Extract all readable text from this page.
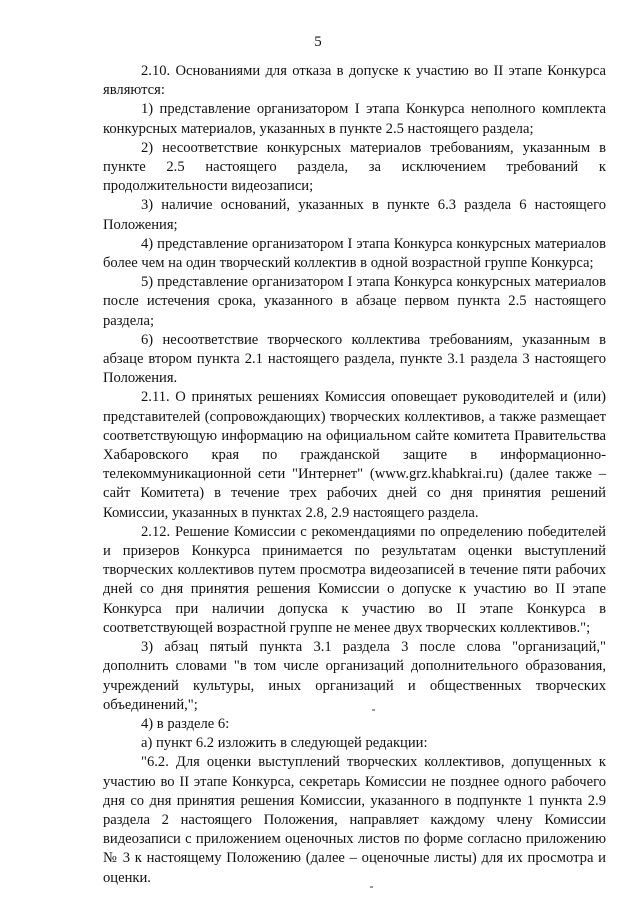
5

2.10. Основаниями для отказа в допуске к участию во II этапе Конкурса являются:

1) представление организатором I этапа Конкурса неполного комплекта конкурсных материалов, указанных в пункте 2.5 настоящего раздела;

2) несоответствие конкурсных материалов требованиям, указанным в пункте 2.5 настоящего раздела, за исключением требований к продолжительности видеозаписи;

3) наличие оснований, указанных в пункте 6.3 раздела 6 настоящего Положения;

4) представление организатором I этапа Конкурса конкурсных материалов более чем на один творческий коллектив в одной возрастной группе Конкурса;

5) представление организатором I этапа Конкурса конкурсных материалов после истечения срока, указанного в абзаце первом пункта 2.5 настоящего раздела;

6) несоответствие творческого коллектива требованиям, указанным в абзаце втором пункта 2.1 настоящего раздела, пункте 3.1 раздела 3 настоящего Положения.

2.11. О принятых решениях Комиссия оповещает руководителей и (или) представителей (сопровождающих) творческих коллективов, а также размещает соответствующую информацию на официальном сайте комитета Правительства Хабаровского края по гражданской защите в информационно-телекоммуникационной сети "Интернет" (www.grz.khabkrai.ru) (далее также – сайт Комитета) в течение трех рабочих дней со дня принятия решений Комиссии, указанных в пунктах 2.8, 2.9 настоящего раздела.

2.12. Решение Комиссии с рекомендациями по определению победителей и призеров Конкурса принимается по результатам оценки выступлений творческих коллективов путем просмотра видеозаписей в течение пяти рабочих дней со дня принятия решения Комиссии о допуске к участию во II этапе Конкурса при наличии допуска к участию во II этапе Конкурса в соответствующей возрастной группе не менее двух творческих коллективов.";

3) абзац пятый пункта 3.1 раздела 3 после слова "организаций," дополнить словами "в том числе организаций дополнительного образования, учреждений культуры, иных организаций и общественных творческих объединений,";

4) в разделе 6:

а) пункт 6.2 изложить в следующей редакции:

"6.2. Для оценки выступлений творческих коллективов, допущенных к участию во II этапе Конкурса, секретарь Комиссии не позднее одного рабочего дня со дня принятия решения Комиссии, указанного в подпункте 1 пункта 2.9 раздела 2 настоящего Положения, направляет каждому члену Комиссии видеозаписи с приложением оценочных листов по форме согласно приложению № 3 к настоящему Положению (далее – оценочные листы) для их просмотра и оценки.
